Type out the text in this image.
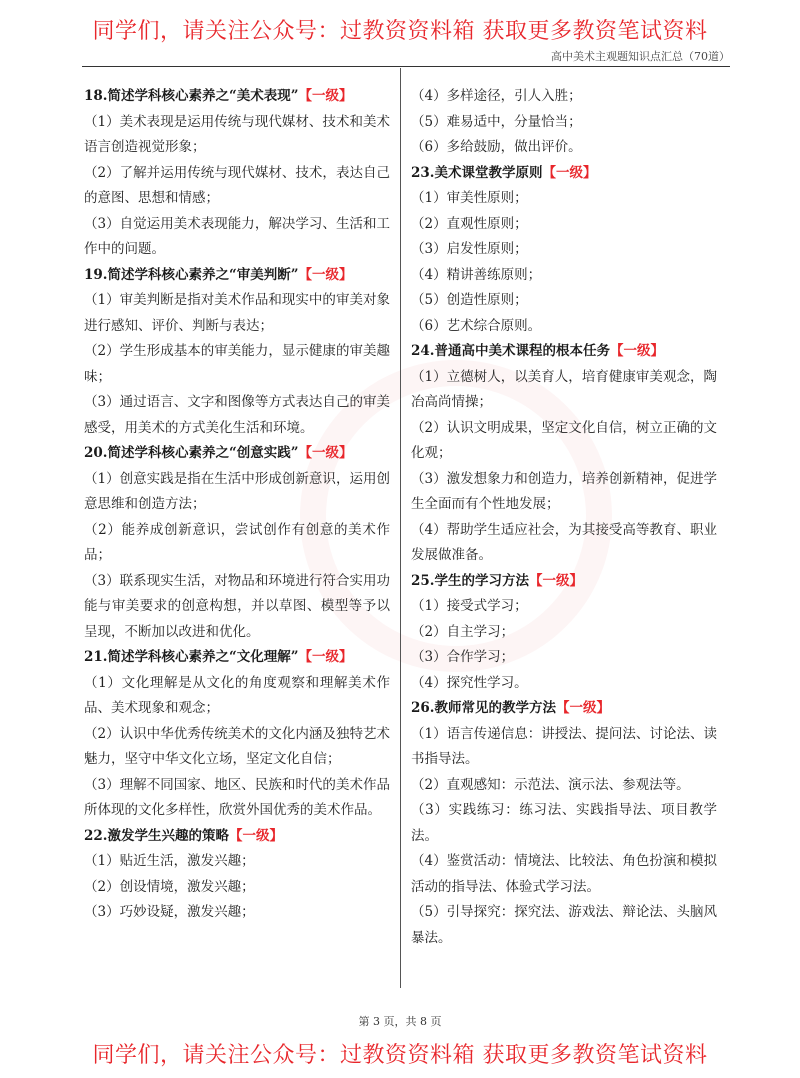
同学们，请关注公众号：过教资资料箱 获取更多教资笔试资料
高中美术主观题知识点汇总（70道）
18.简述学科核心素养之“美术表现”【一级】
（1）美术表现是运用传统与现代媒材、技术和美术语言创造视觉形象；
（2）了解并运用传统与现代媒材、技术，表达自己的意图、思想和情感；
（3）自觉运用美术表现能力，解决学习、生活和工作中的问题。
19.简述学科核心素养之“审美判断”【一级】
（1）审美判断是指对美术作品和现实中的审美对象进行感知、评价、判断与表达；
（2）学生形成基本的审美能力，显示健康的审美趣味；
（3）通过语言、文字和图像等方式表达自己的审美感受，用美术的方式美化生活和环境。
20.简述学科核心素养之“创意实践”【一级】
（1）创意实践是指在生活中形成创新意识，运用创意思维和创造方法；
（2）能养成创新意识，尝试创作有创意的美术作品；
（3）联系现实生活，对物品和环境进行符合实用功能与审美要求的创意构想，并以草图、模型等予以呈现，不断加以改进和优化。
21.简述学科核心素养之“文化理解”【一级】
（1）文化理解是从文化的角度观察和理解美术作品、美术现象和观念；
（2）认识中华优秀传统美术的文化内涵及独特艺术魅力，坚守中华文化立场，坚定文化自信；
（3）理解不同国家、地区、民族和时代的美术作品所体现的文化多样性，欣赏外国优秀的美术作品。
22.激发学生兴趣的策略【一级】
（1）贴近生活，激发兴趣；
（2）创设情境，激发兴趣；
（3）巧妙设疑，激发兴趣；
（4）多样途径，引人入胜；
（5）难易适中，分量恰当；
（6）多给鼓励，做出评价。
23.美术课堂教学原则【一级】
（1）审美性原则；
（2）直观性原则；
（3）启发性原则；
（4）精讲善练原则；
（5）创造性原则；
（6）艺术综合原则。
24.普通高中美术课程的根本任务【一级】
（1）立德树人，以美育人，培育健康审美观念，陶冶高尚情操；
（2）认识文明成果，坚定文化自信，树立正确的文化观；
（3）激发想象力和创造力，培养创新精神，促进学生全面而有个性地发展；
（4）帮助学生适应社会，为其接受高等教育、职业发展做准备。
25.学生的学习方法【一级】
（1）接受式学习；
（2）自主学习；
（3）合作学习；
（4）探究性学习。
26.教师常见的教学方法【一级】
（1）语言传递信息：讲授法、提问法、讨论法、读书指导法。
（2）直观感知：示范法、演示法、参观法等。
（3）实践练习：练习法、实践指导法、项目教学法。
（4）鉴赏活动：情境法、比较法、角色扮演和模拟活动的指导法、体验式学习法。
（5）引导探究：探究法、游戏法、辩论法、头脑风暴法。
第 3 页，共 8 页
同学们，请关注公众号：过教资资料箱 获取更多教资笔试资料
